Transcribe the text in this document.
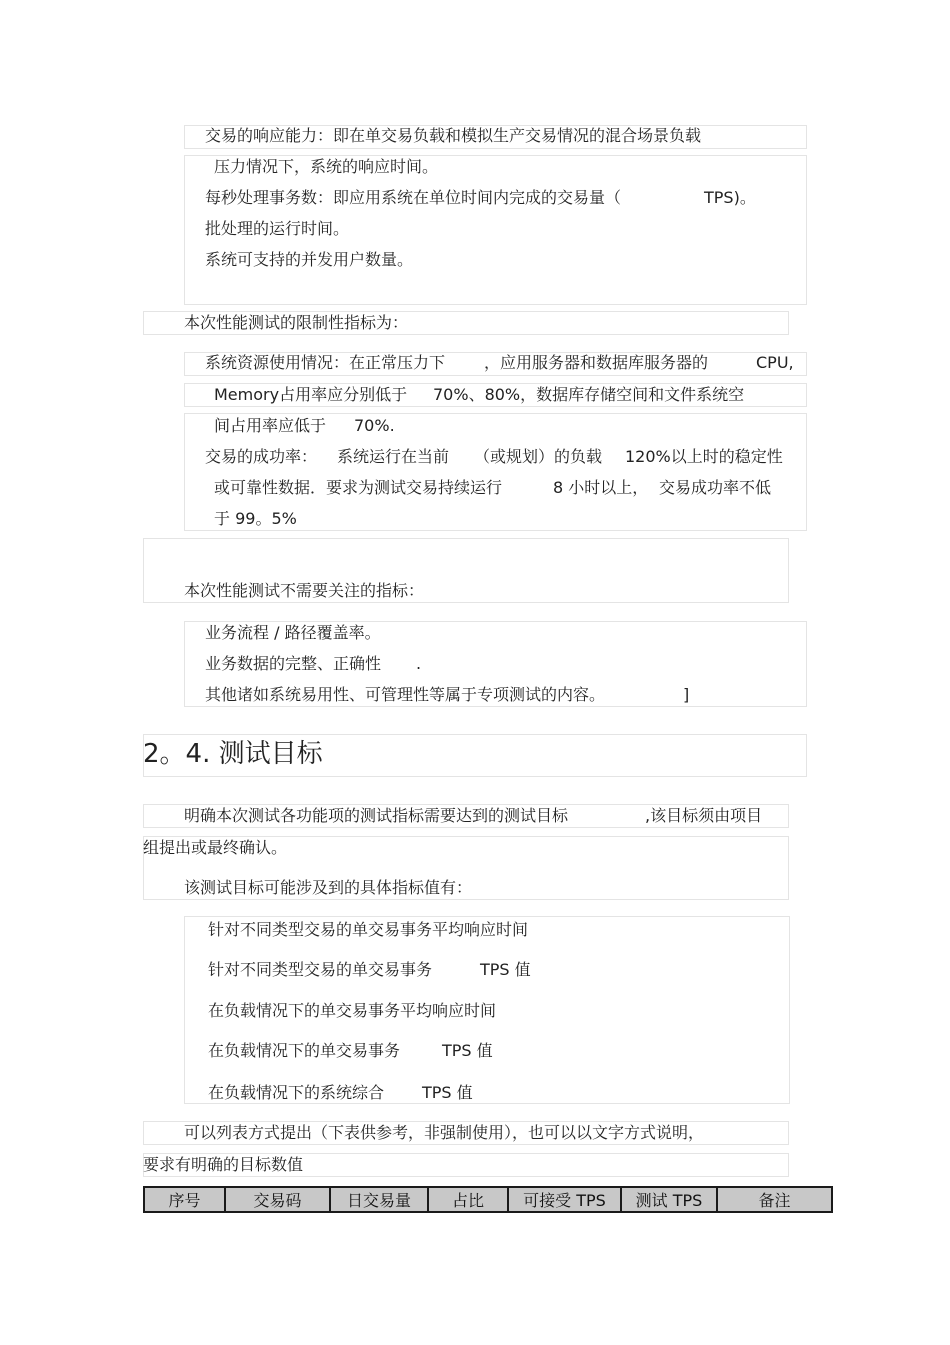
交易的响应能力：即在单交易负载和模拟生产交易情况的混合场景负载
压力情况下，系统的响应时间。
每秒处理事务数：即应用系统在单位时间内完成的交易量（	TPS)。
批处理的运行时间。
系统可支持的并发用户数量。
本次性能测试的限制性指标为：
系统资源使用情况：在正常压力下 ，应用服务器和数据库服务器的	CPU,
Memory占用率应分别低于 70%、80%，数据库存储空间和文件系统空
间占用率应低于 70%.
交易的成功率： 系统运行在当前 （或规划）的负载 120%以上时的稳定性
或可靠性数据．要求为测试交易持续运行	8 小时以上， 交易成功率不低
于 99。5%
本次性能测试不需要关注的指标：
业务流程 / 路径覆盖率。
业务数据的完整、正确性 .
其他诸如系统易用性、可管理性等属于专项测试的内容。	]
2。4. 测试目标
明确本次测试各功能项的测试指标需要达到的测试目标	,该目标须由项目
组提出或最终确认。
该测试目标可能涉及到的具体指标值有：
针对不同类型交易的单交易事务平均响应时间
针对不同类型交易的单交易事务	TPS 值
在负载情况下的单交易事务平均响应时间
在负载情况下的单交易事务	TPS 值
在负载情况下的系统综合 TPS 值
可以列表方式提出（下表供参考，非强制使用），也可以以文字方式说明，
要求有明确的目标数值
序号	交易码	日交易量	占比	可接受 TPS	测试 TPS	备注
